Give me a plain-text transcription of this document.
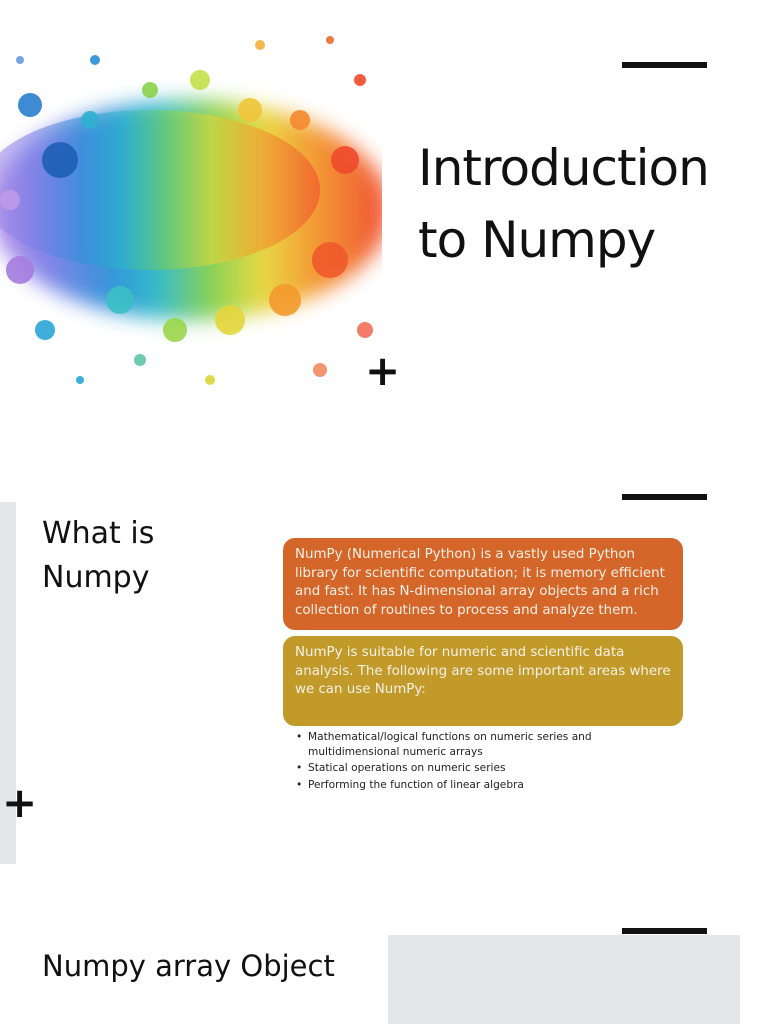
Introduction
to Numpy
+
What is
Numpy
NumPy (Numerical Python) is a vastly used Python library for scientific computation; it is memory efficient and fast. It has N-dimensional array objects and a rich collection of routines to process and analyze them.
NumPy is suitable for numeric and scientific data analysis. The following are some important areas where we can use NumPy:
• Mathematical/logical functions on numeric series and multidimensional numeric arrays
• Statical operations on numeric series
• Performing the function of linear algebra
+
Numpy array Object
